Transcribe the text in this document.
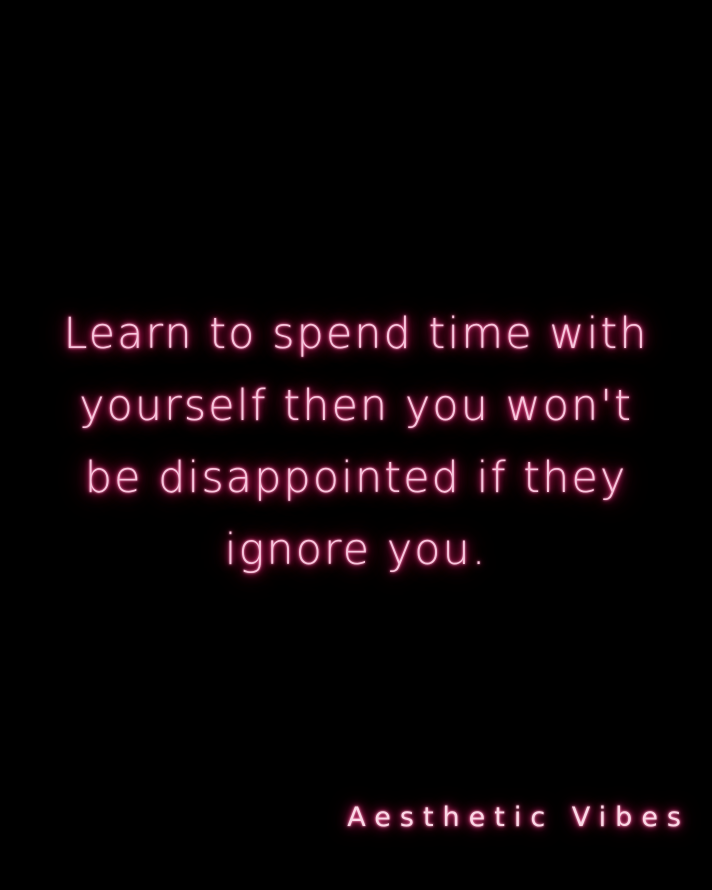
Learn to spend time with
yourself then you won't
be disappointed if they
ignore you.
Aesthetic Vibes
